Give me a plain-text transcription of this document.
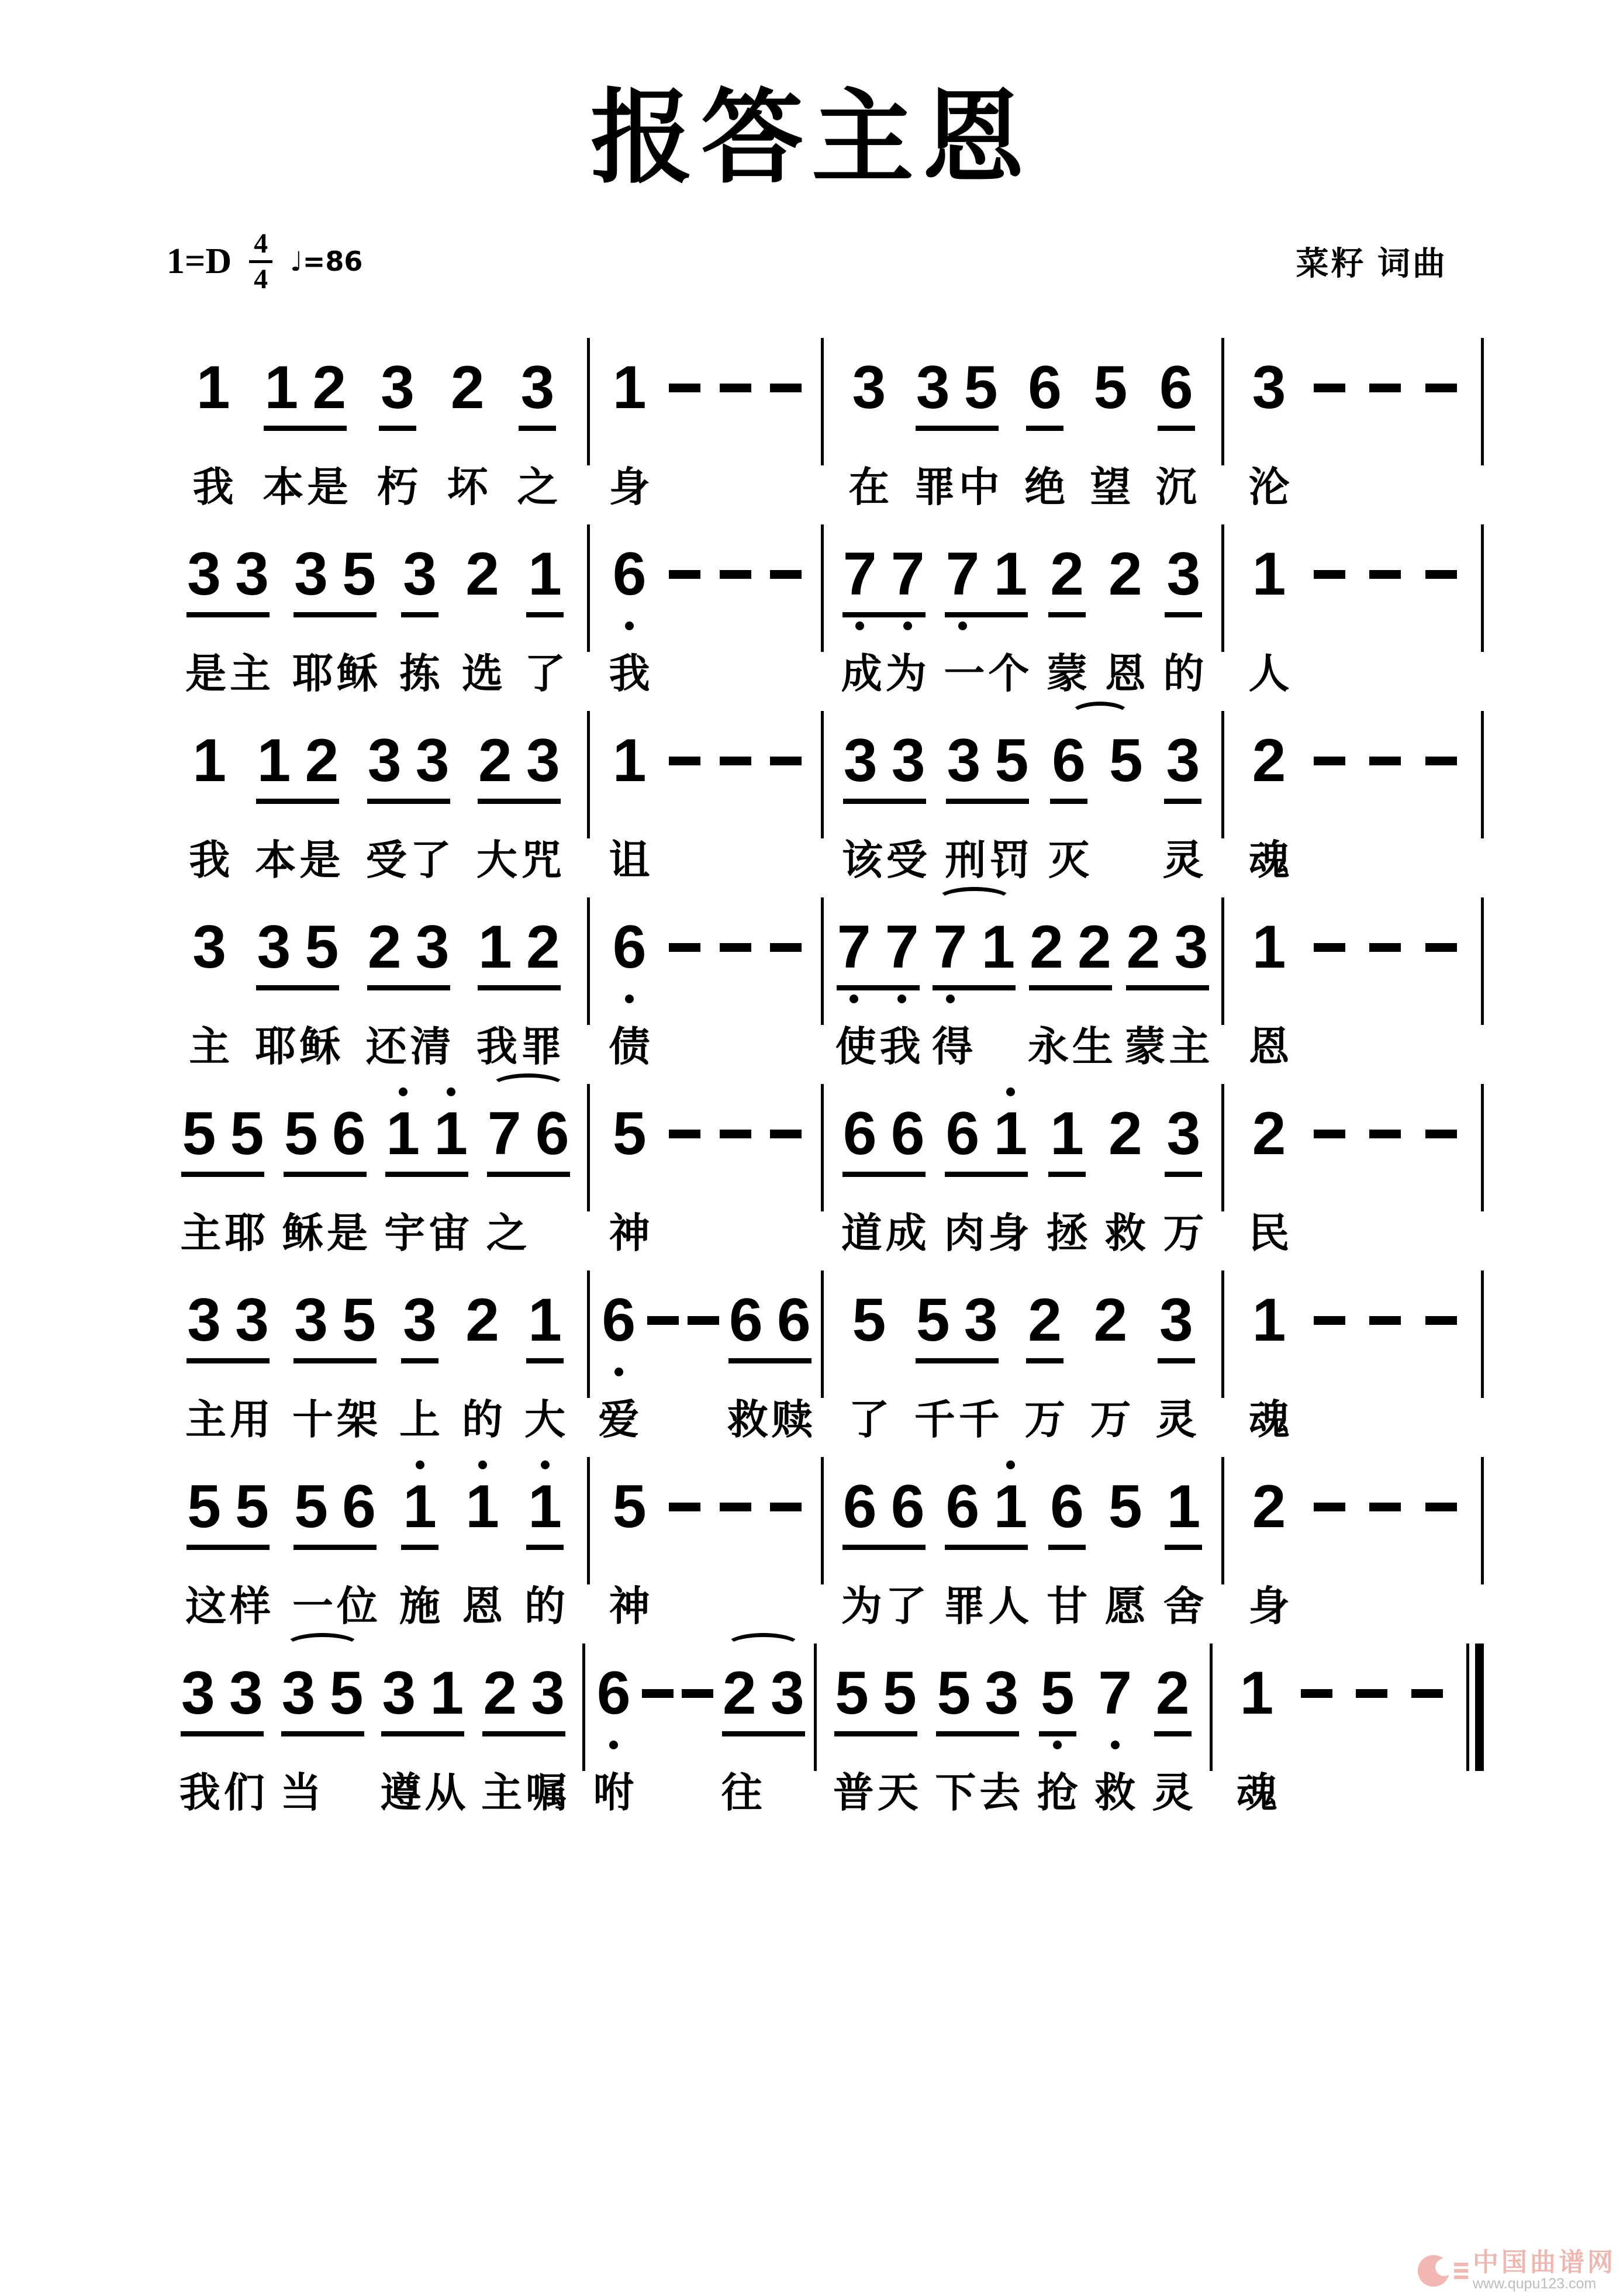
报答主恩
$1=D \frac{4}{4}$ ♩=86	菜籽 词曲
1
我
1 2
本 是
3
朽
2
坏
3
之
1
身
3
在
3 5
罪 中
6
绝
5
望
6
沉
3
沦
3 3
是 主
3 5
耶 稣
3
拣
2
选
1
了
6
我
7 7
成 为
7 1
一 个
2
蒙
2
恩
3
的
1
人
1
我
1 2
本 是
3 3
受 了
2 3
大 咒
1
诅
3 3
该 受
3 5
刑 罚
6
灭
5 3
灵
2
魂
3
主
3 5
耶 稣
2 3
还 清
1 2
我 罪
6
债
7 7
使 我
7 1
得
2 2
永 生
2 3
蒙 主
1
恩
5 5
主 耶
5 6
稣 是
1 1
宇 宙
7 6
之
5
神
6 6
道 成
6 1
肉 身
1
拯
2
救
3
万
2
民
3 3
主 用
3 5
十 架
3
上
2
的
1
大
6
爱
6 6
救 赎
5
了
5 3
千 千
2
万
2
万
3
灵
1
魂
5 5
这 样
5 6
一 位
1
施
1
恩
1
的
5
神
6 6
为 了
6 1
罪 人
6
甘
5
愿
1
舍
2
身
3 3
我 们
3 5
当
3 1
遵 从
2 3
主 嘱
6
咐
2 3
往
5 5
普 天
5 3
下 去
5
抢
7
救
2
灵
1
魂
中国曲谱网
www.qupu123.com
